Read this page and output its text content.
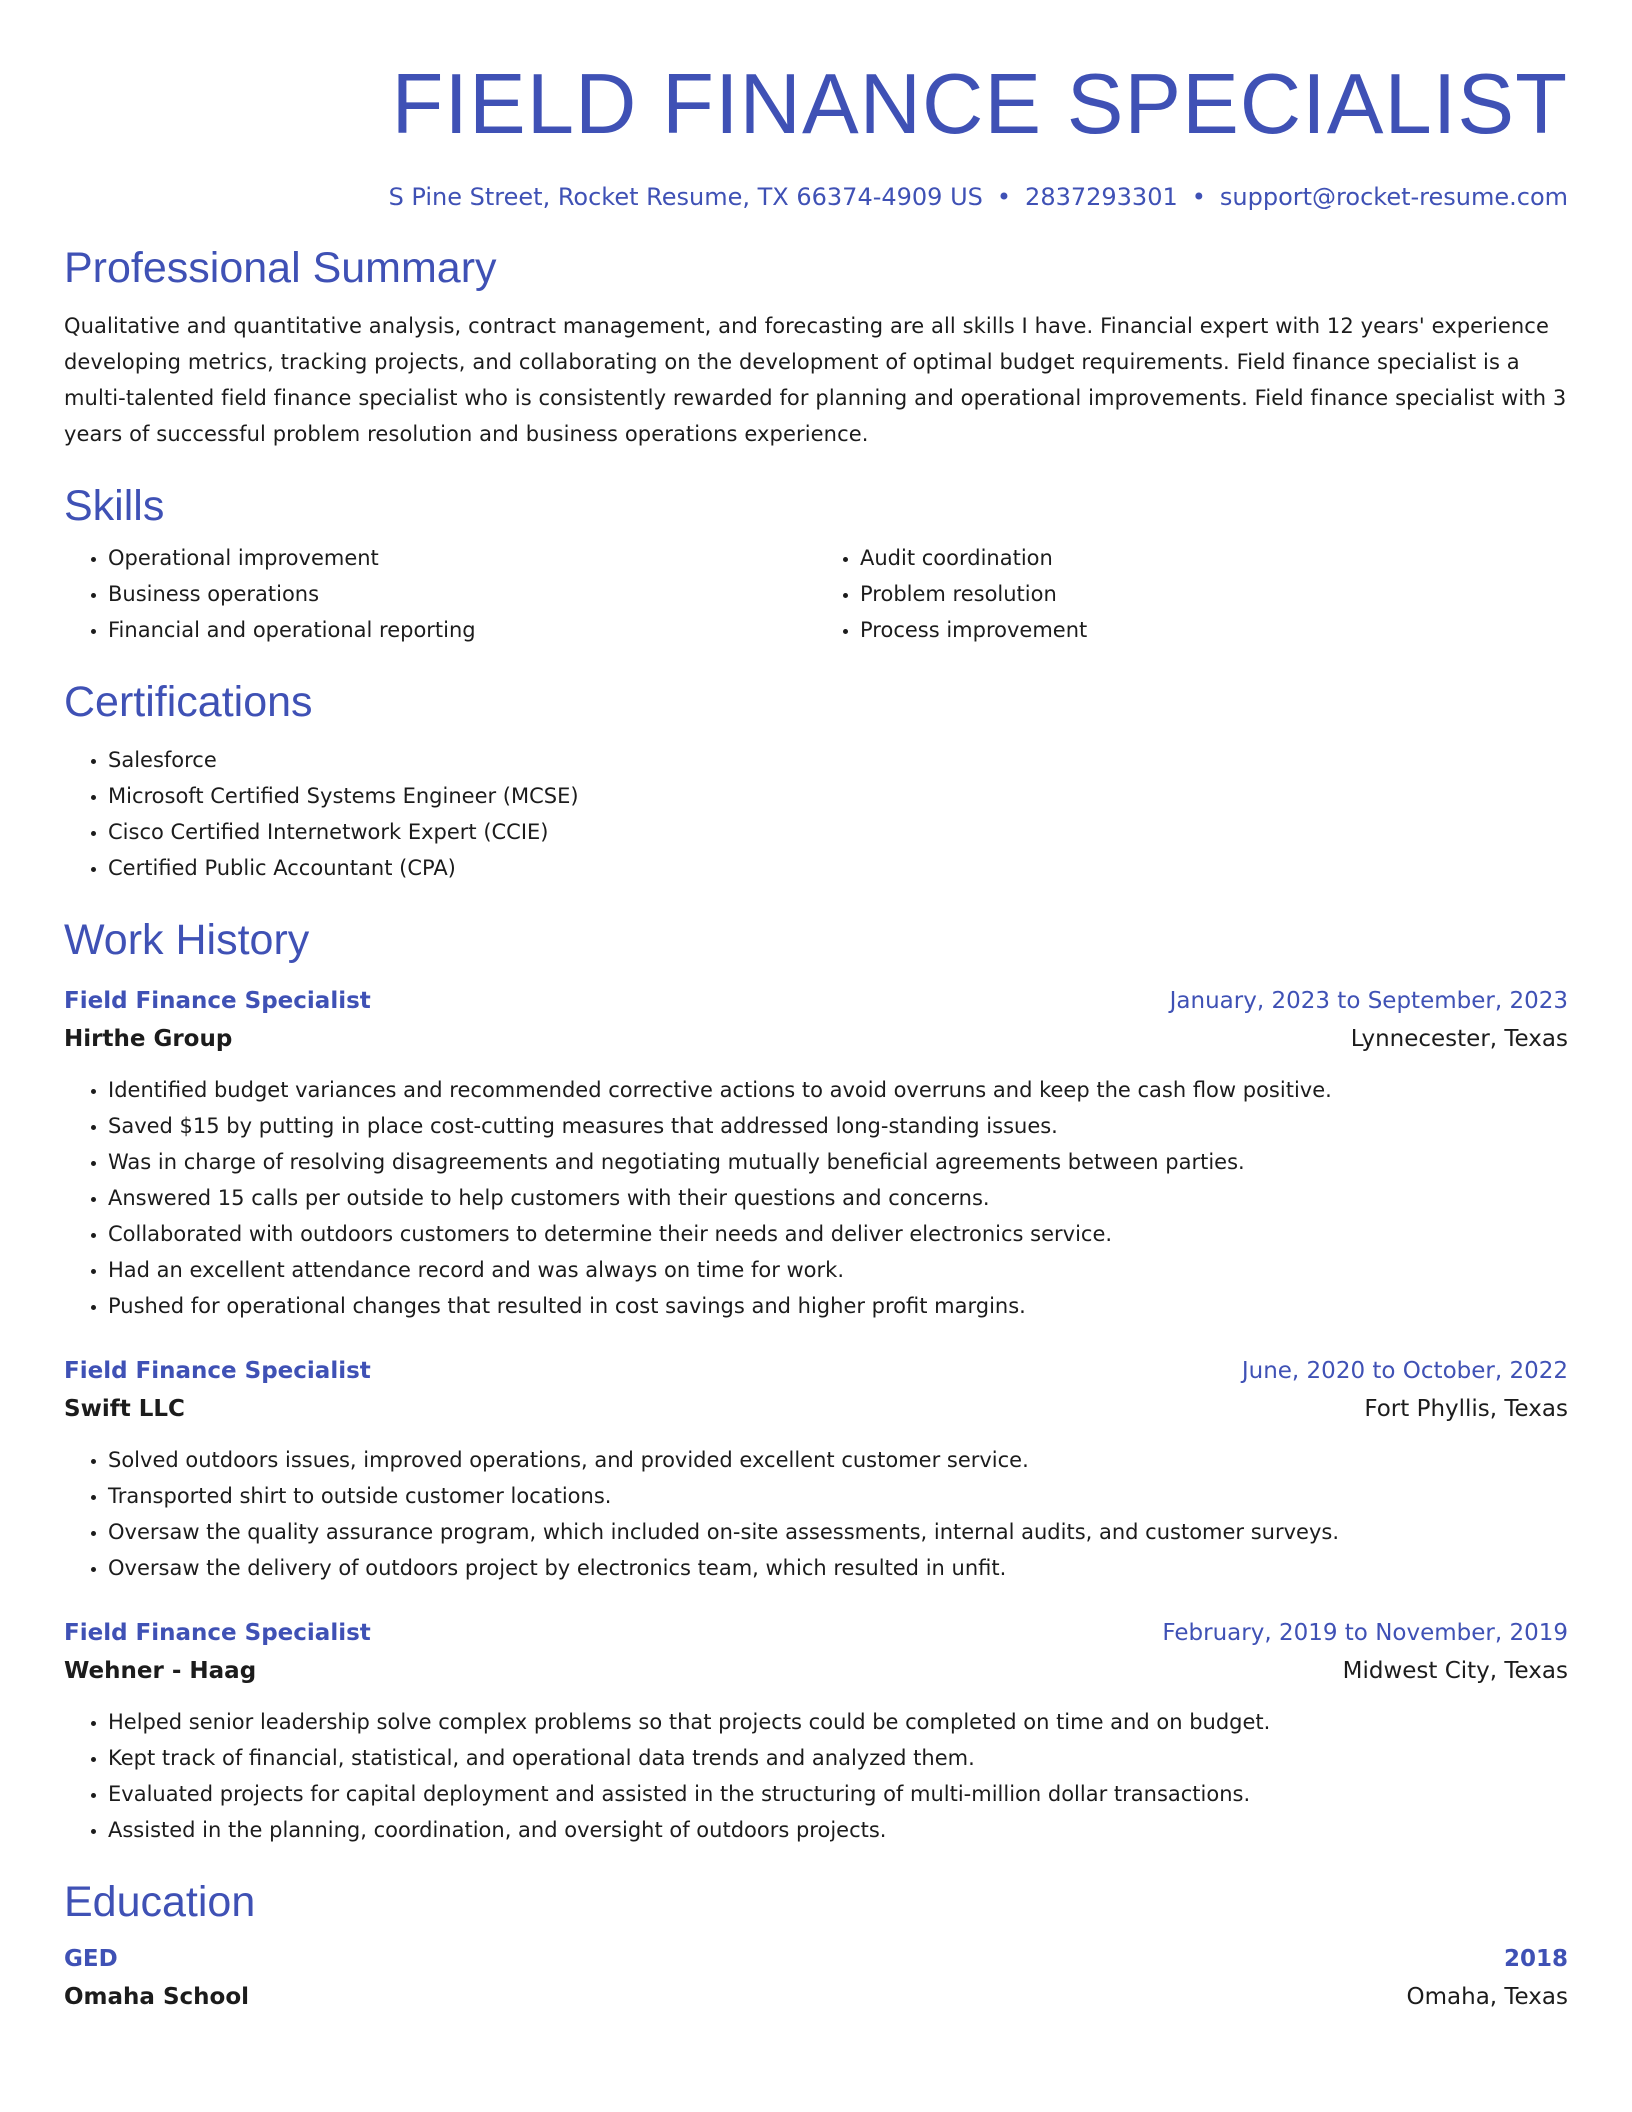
FIELD FINANCE SPECIALIST
S Pine Street, Rocket Resume, TX 66374-4909 US • 2837293301 • support@rocket-resume.com
Professional Summary

Qualitative and quantitative analysis, contract management, and forecasting are all skills I have. Financial expert with 12 years' experience developing metrics, tracking projects, and collaborating on the development of optimal budget requirements. Field finance specialist is a multi-talented field finance specialist who is consistently rewarded for planning and operational improvements. Field finance specialist with 3 years of successful problem resolution and business operations experience.

Skills
• Operational improvement
• Business operations
• Financial and operational reporting
• Audit coordination
• Problem resolution
• Process improvement
Certifications
• Salesforce
• Microsoft Certified Systems Engineer (MCSE)
• Cisco Certified Internetwork Expert (CCIE)
• Certified Public Accountant (CPA)
Work History
Field Finance Specialist	January, 2023 to September, 2023
Hirthe Group	Lynnecester, Texas
• Identified budget variances and recommended corrective actions to avoid overruns and keep the cash flow positive.
• Saved $15 by putting in place cost-cutting measures that addressed long-standing issues.
• Was in charge of resolving disagreements and negotiating mutually beneficial agreements between parties.
• Answered 15 calls per outside to help customers with their questions and concerns.
• Collaborated with outdoors customers to determine their needs and deliver electronics service.
• Had an excellent attendance record and was always on time for work.
• Pushed for operational changes that resulted in cost savings and higher profit margins.
Field Finance Specialist	June, 2020 to October, 2022
Swift LLC	Fort Phyllis, Texas
• Solved outdoors issues, improved operations, and provided excellent customer service.
• Transported shirt to outside customer locations.
• Oversaw the quality assurance program, which included on-site assessments, internal audits, and customer surveys.
• Oversaw the delivery of outdoors project by electronics team, which resulted in unfit.
Field Finance Specialist	February, 2019 to November, 2019
Wehner - Haag	Midwest City, Texas
• Helped senior leadership solve complex problems so that projects could be completed on time and on budget.
• Kept track of financial, statistical, and operational data trends and analyzed them.
• Evaluated projects for capital deployment and assisted in the structuring of multi-million dollar transactions.
• Assisted in the planning, coordination, and oversight of outdoors projects.
Education
GED	2018
Omaha School	Omaha, Texas
